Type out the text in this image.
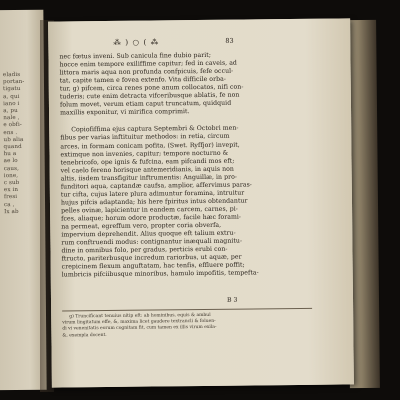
eladis
portan-
tigatu
a, qui
iano i
a, pu
nale ,
e obfi-
ens .
ub alia
quand
hu a
ae lo
caus,
ione,
c sub
ex in
fresi
ca ,
Ix ab
⁂ ) ○ ( ⁂	83
nec fœtus inveni. Sub canicula fine dubio parit;
hocce enim tempore exiliffime capitur; fed in caveis, ad
littora maris aqua non profunda confpicuis, fefe occul-
tat, capite tamen e fovea extenfo. Vita difficile orba-
tur, g) pifcem, circa renes pone anum collocatos, nifi con-
tuderis; cute enim detracta vifceribusque ablatis, fe non
folum movet, verum etiam caput truncatum, quidquid
maxillis exponitur, vi mirifica comprimit.
Copiofiffima ejus captura Septembri & Octobri men-
fibus per varias inftituitur methodos: in retia, circum
arces, in formam conicam pofita, (Swet. Ryffjor) invepit,
extimque non invenies, capitur; tempore nocturno &
tenebricofo, ope ignis & fufcina, eam pifcandi mos eft;
vel caelo fereno horisque antemeridianis, in aquis non
altis, iisdem transfigitur inftrumentis: Anguillæ, in pro-
funditori aqua, captandæ caufsa, amplior, affervimus paras-
tur cifta, cujus latere plura adimuntur foramina, intruitur
hujus pifcis adaptanda; his here fpiritus intus obtendantur
pelles ovinæ, lapicientur in eandem carcem, carnes, pi-
fces, aliaque; horum odore productæ, facile hæc forami-
na permeat, egreffum vero, propter coria obverfa,
impervium deprehendit. Alius quoque eft talium extru-
rum conftruendi modus: contignantur inæquali magnitu-
dine in omnibus folo, per gradus, perticis erubi con-
ftructo, pariterbusque incredum rariorbus, ut aquæ, per
crepicinem flexum anguftatam, hac tenfis, effluere poffit;
lumbricis pifciibusque minoribus, hamulo impofitis, tempefta-
B 3
g) Truncificant tenuius nitip eft: ab hominibus, equis & ambul
virum lingitatum effe, &, maxima licet gaudere textrancli & foluen-
di vi venenitatis eorum cognitam fit, cum tamen ex illis virum exila-
&, exempla docent.
